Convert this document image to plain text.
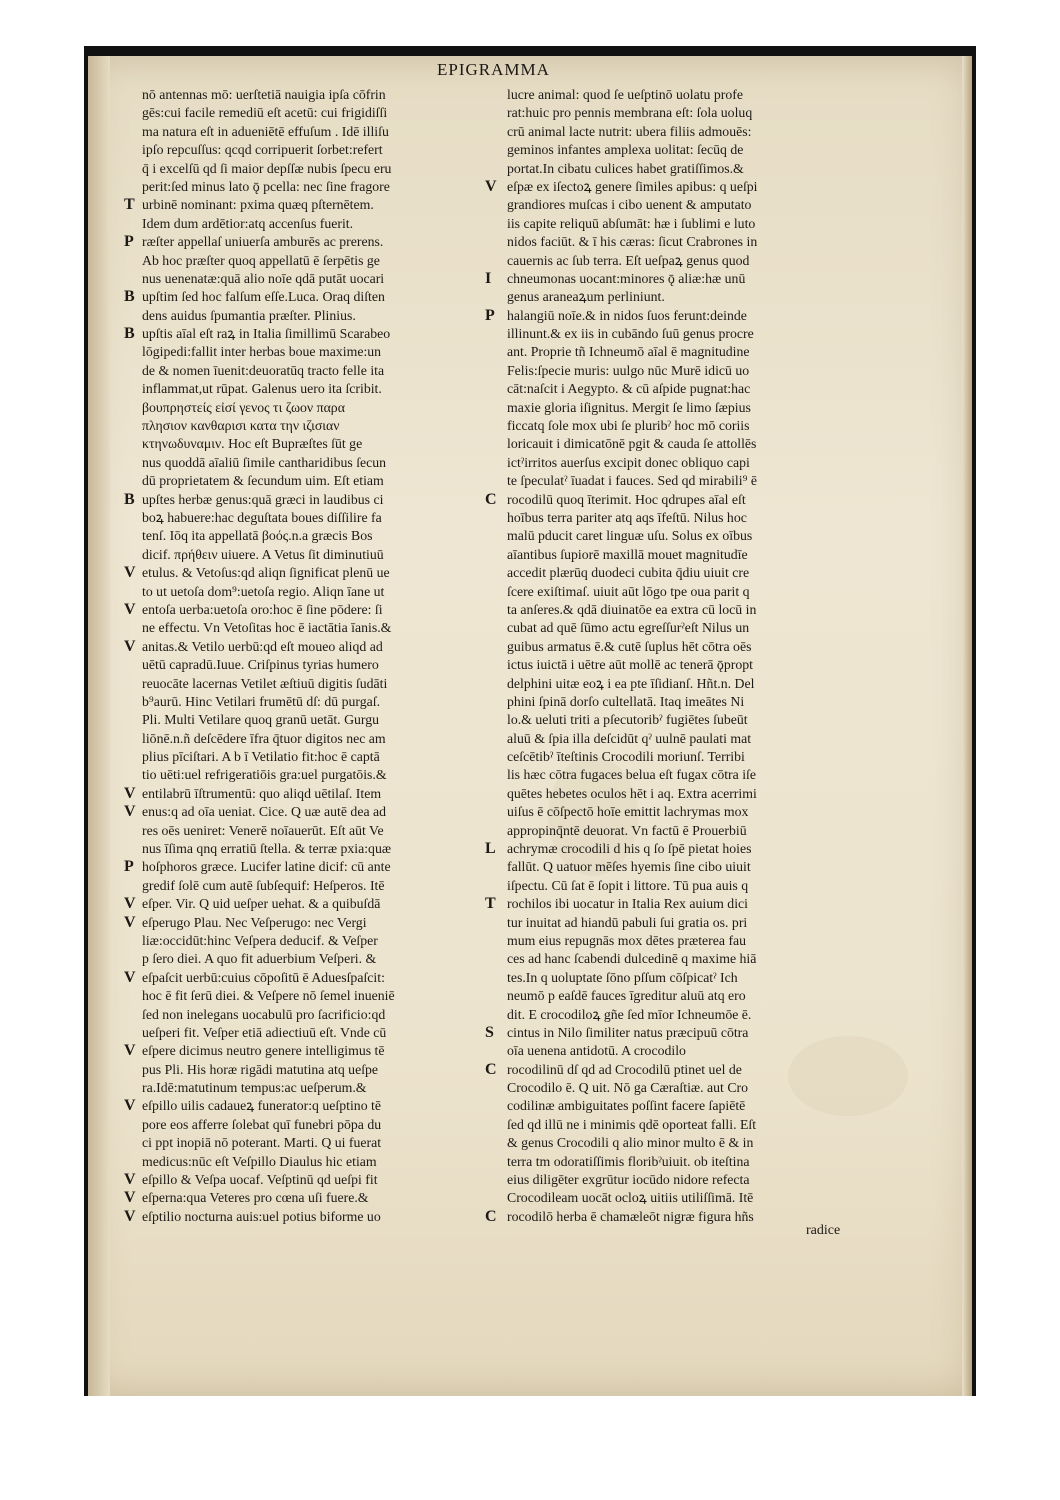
EPIGRAMMA
nō antennas mō: uerſtetiā nauigia ipſa cōfrin
gēs:cui facile remediū eſt acetū: cui frigidiſſi
ma natura eſt in adueniētē effuſum . Idē illiſu
ipſo repcuſſus: qcqd corripuerit ſorbet:refert
q̄ i excelſū qd ſi maior depſſæ nubis ſpecu eru
perit:ſed minus lato ǭ pcella: nec ſine fragore
T urbinē nominant: pxima quæq pſternētem.
Idem dum ardētior:atq accenſus fuerit.
P ræſter appellaſ uniuerſa amburēs ac prerens.
Ab hoc præſter quoq appellatū ē ſerpētis ge
nus uenenatæ:quā alio noīe qdā putāt uocari
B upſtim ſed hoc falſum eſſe.Luca. Oraq diſten
dens auidus ſpumantia præſter. Plinius.
B upſtis aīal eſt raꝝ in Italia ſimillimū Scarabeo
lōgipedi:fallit inter herbas boue maxime:un
de & nomen īuenit:deuoratūq tracto felle ita
inflammat,ut rūpat. Galenus uero ita ſcribit.
βουπρηστείς εἰσί γενος τι ζωον παρα
πλησιον κανθαρισι κατα την ιζισιαν
κτηνωδυναμιν. Hoc eſt Bupræſtes ſūt ge
nus quoddā aīaliū ſimile cantharidibus ſecun
dū proprietatem & ſecundum uim. Eſt etiam
B upſtes herbæ genus:quā græci in laudibus ci
boꝝ habuere:hac deguſtata boues diſſilire fa
tenſ. Iōq ita appellatā βοός.n.a græcis Bos
dicif. πρήθειν uiuere. A Vetus ſit diminutiuū
V etulus. & Vetoſus:qd aliqn ſignificat plenū ue
to ut uetoſa dom⁹:uetoſa regio. Aliqn īane ut
V entoſa uerba:uetoſa oro:hoc ē ſine pōdere: ſi
ne effectu. Vn Vetoſitas hoc ē iactātia īanis.&
V anitas.& Vetilo uerbū:qd eſt moueo aliqd ad
uētū capradū.Iuue. Criſpinus tyrias humero
reuocāte lacernas Vetilet æſtiuū digitis ſudāti
b⁹aurū. Hinc Vetilari frumētū dſ: dū purgaſ.
Pli. Multi Vetilare quoq granū uetāt. Gurgu
liōnē.n.ñ deſcēdere īfra q̄tuor digitos nec am
plius pīciſtari. A b ī Vetilatio fit:hoc ē captā
tio uēti:uel refrigeratiōis gra:uel purgatōis.&
V entilabrū īſtrumentū: quo aliqd uētilaſ. Item
V enus:q ad oīa ueniat. Cice. Q uæ autē dea ad
res oēs ueniret: Venerē noīauerūt. Eſt aūt Ve
nus īſima qnq erratiū ſtella. & terræ pxia:quæ
P hoſphoros græce. Lucifer latine dicif: cū ante
gredif ſolē cum autē ſubſequif: Heſperos. Itē
V eſper. Vir. Q uid ueſper uehat. & a quibuſdā
V eſperugo Plau. Nec Veſperugo: nec Vergi
liæ:occidūt:hinc Veſpera deducif. & Veſper
p ſero diei. A quo fit aduerbium Veſperi. &
V eſpaſcit uerbū:cuius cōpoſitū ē Aduesſpaſcit:
hoc ē fit ſerū diei. & Veſpere nō ſemel inueniē
ſed non inelegans uocabulū pro ſacrificio:qd
ueſperi fit. Veſper etiā adiectiuū eſt. Vnde cū
V eſpere dicimus neutro genere intelligimus tē
pus Pli. His horæ rigādi matutina atq ueſpe
ra.Idē:matutinum tempus:ac ueſperum.&
V eſpillo uilis cadaueꝝ funerator:q ueſptino tē
pore eos afferre ſolebat quī funebri pōpa du
ci ppt inopiā nō poterant. Marti. Q ui fuerat
medicus:nūc eſt Veſpillo Diaulus hic etiam
V eſpillo & Veſpa uocaf. Veſptinū qd ueſpi fit
V eſperna:qua Veteres pro cœna uſi fuere.&
V eſptilio nocturna auis:uel potius biforme uo
lucre animal: quod ſe ueſptinō uolatu profe
rat:huic pro pennis membrana eſt: ſola uoluq
crū animal lacte nutrit: ubera filiis admouēs:
geminos infantes amplexa uolitat: ſecūq de
portat.In cibatu culices habet gratiſſimos.&
V eſpæ ex iſectoꝝ genere ſimiles apibus: q ueſpi
grandiores muſcas i cibo uenent & amputato
iis capite reliquū abſumāt: hæ i ſublimi e luto
nidos faciūt. & ī his cæras: ſicut Crabrones in
cauernis ac ſub terra. Eſt ueſpaꝝ genus quod
I chneumonas uocant:minores ǭ aliæ:hæ unū
genus araneaꝝum perliniunt.
P halangiū noīe.& in nidos ſuos ferunt:deinde
illinunt.& ex iis in cubāndo ſuū genus procre
ant. Proprie tñ Ichneumō aīal ē magnitudine
Felis:ſpecie muris: uulgo nūc Murē idicū uo
cāt:naſcit i Aegypto. & cū aſpide pugnat:hac
maxie gloria iſignitus. Mergit ſe limo ſæpius
ficcatq ſole mox ubi ſe pluribˀ hoc mō coriis
loricauit i dimicatōnē pgit & cauda ſe attollēs
ictˀirritos auerſus excipit donec obliquo capi
te ſpeculatˀ īuadat i fauces. Sed qd mirabili⁹ ē
C rocodilū quoq īterimit. Hoc qdrupes aīal eſt
hoībus terra pariter atq aqs īfeſtū. Nilus hoc
malū pducit caret linguæ uſu. Solus ex oībus
aīantibus ſupiorē maxillā mouet magnitudīe
accedit plærūq duodeci cubita q̄diu uiuit cre
ſcere exiſtimaſ. uiuit aūt lōgo tpe oua parit q
ta anſeres.& qdā diuinatōe ea extra cū locū in
cubat ad quē ſūmo actu egreſſurˀeſt Nilus un
guibus armatus ē.& cutē ſuplus hēt cōtra oēs
ictus iuictā i uētre aūt mollē ac tenerā ǭpropt
delphini uitæ eoꝝ i ea pte īſidianſ. Hñt.n. Del
phini ſpinā dorſo cultellatā. Itaq imeātes Ni
lo.& ueluti triti a pſecutoribˀ fugiētes ſubeūt
aluū & ſpia illa deſcidūt qˀ uulnē paulati mat
ceſcētibˀ īteſtinis Crocodili moriunſ. Terribi
lis hæc cōtra fugaces belua eſt fugax cōtra iſe
quētes hebetes oculos hēt i aq. Extra acerrimi
uiſus ē cōſpectō hoīe emittit lachrymas mox
appropinq̄ntē deuorat. Vn factū ē Prouerbiū
L achrymæ crocodili d his q ſo ſpē pietat hoies
fallūt. Q uatuor mēſes hyemis ſine cibo uiuit
iſpectu. Cū ſat ē ſopit i littore. Tū pua auis q
T rochilos ibi uocatur in Italia Rex auium dici
tur inuitat ad hiandū pabuli ſui gratia os. pri
mum eius repugnās mox dētes præterea fau
ces ad hanc ſcabendi dulcedinē q maxime hiā
tes.In q uoluptate ſōno pſſum cōſpicatˀ Ich
neumō p eaſdē fauces īgreditur aluū atq ero
dit. E crocodiloꝝ gñe ſed mīor Ichneumōe ē.
S cintus in Nilo ſimiliter natus præcipuū cōtra
oīa uenena antidotū. A crocodilo
C rocodilinū dſ qd ad Crocodilū ptinet uel de
Crocodilo ē. Q uit. Nō ga Cæraſtiæ. aut Cro
codilinæ ambiguitates poſſint facere ſapiētē
ſed qd illū ne i minimis qdē oporteat falli. Eſt
& genus Crocodili q alio minor multo ē & in
terra tm odoratiſſimis floribˀuiuit. ob iteſtina
eius diligēter exgrūtur iocūdo nidore refecta
Crocodileam uocāt ocloꝝ uitiis utiliſſimā. Itē
C rocodilō herba ē chamæleōt nigræ figura hñs
radice
